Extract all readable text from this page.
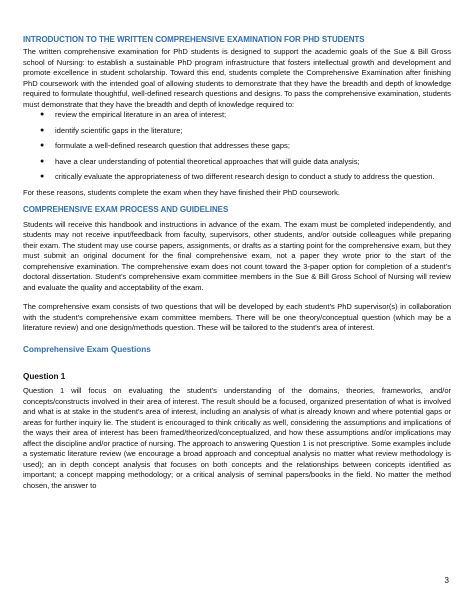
INTRODUCTION TO THE WRITTEN COMPREHENSIVE EXAMINATION FOR PHD STUDENTS

The written comprehensive examination for PhD students is designed to support the academic goals of the Sue & Bill Gross school of Nursing: to establish a sustainable PhD program infrastructure that fosters intellectual growth and development and promote excellence in student scholarship. Toward this end, students complete the Comprehensive Examination after finishing PhD coursework with the intended goal of allowing students to demonstrate that they have the breadth and depth of knowledge required to formulate thoughtful, well-defined research questions and designs. To pass the comprehensive examination, students must demonstrate that they have the breadth and depth of knowledge required to:

● review the empirical literature in an area of interest;
● identify scientific gaps in the literature;
● formulate a well-defined research question that addresses these gaps;
● have a clear understanding of potential theoretical approaches that will guide data analysis;
● critically evaluate the appropriateness of two different research design to conduct a study to address the question.

For these reasons, students complete the exam when they have finished their PhD coursework.

COMPREHENSIVE EXAM PROCESS AND GUIDELINES

Students will receive this handbook and instructions in advance of the exam. The exam must be completed independently, and students may not receive input/feedback from faculty, supervisors, other students, and/or outside colleagues while preparing their exam. The student may use course papers, assignments, or drafts as a starting point for the comprehensive exam, but they must submit an original document for the final comprehensive exam, not a paper they wrote prior to the start of the comprehensive examination. The comprehensive exam does not count toward the 3-paper option for completion of a student’s doctoral dissertation. Student’s comprehensive exam committee members in the Sue & Bill Gross School of Nursing will review and evaluate the quality and acceptability of the exam.

The comprehensive exam consists of two questions that will be developed by each student’s PhD supervisor(s) in collaboration with the student’s comprehensive exam committee members. There will be one theory/conceptual question (which may be a literature review) and one design/methods question. These will be tailored to the student’s area of interest.

Comprehensive Exam Questions
Question 1

Question 1 will focus on evaluating the student’s understanding of the domains, theories, frameworks, and/or concepts/constructs involved in their area of interest. The result should be a focused, organized presentation of what is involved and what is at stake in the student’s area of interest, including an analysis of what is already known and where potential gaps or areas for further inquiry lie. The student is encouraged to think critically as well, considering the assumptions and implications of the ways their area of interest has been framed/theorized/conceptualized, and how these assumptions and/or implications may affect the discipline and/or practice of nursing. The approach to answering Question 1 is not prescriptive. Some examples include a systematic literature review (we encourage a broad approach and conceptual analysis no matter what review methodology is used); an in depth concept analysis that focuses on both concepts and the relationships between concepts identified as important; a concept mapping methodology; or a critical analysis of seminal papers/books in the field. No matter the method chosen, the answer to

3
